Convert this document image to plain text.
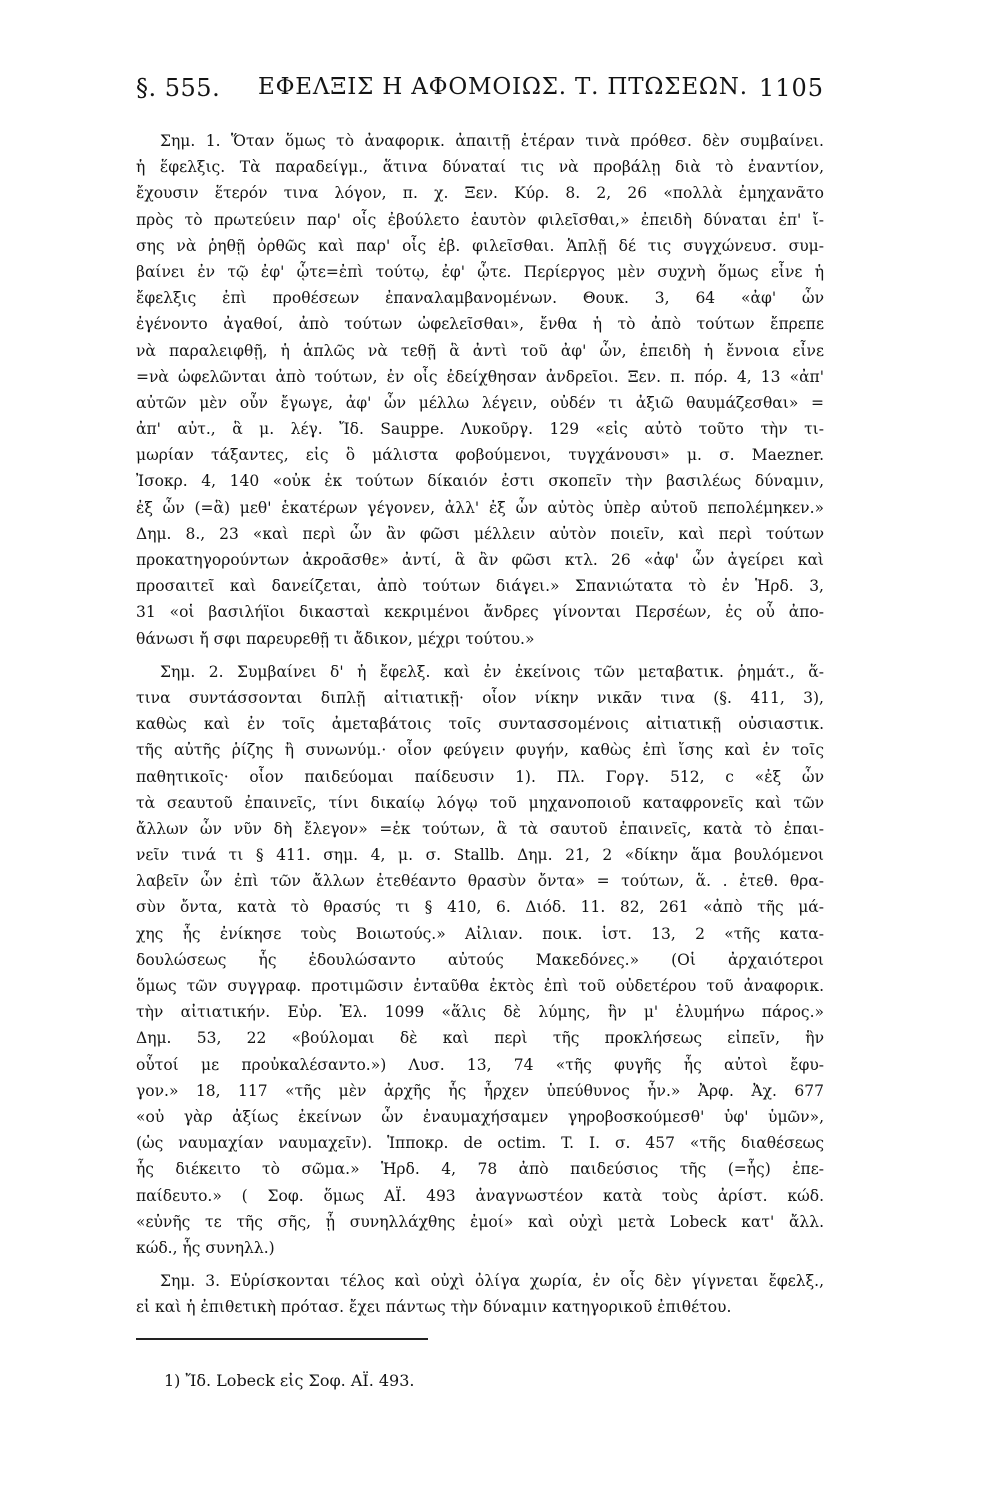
§. 555. ΕΦΕΛΞΙΣ Η ΑΦΟΜΟΙΩΣ. Τ. ΠΤΩΣΕΩΝ. 1105
Σημ. 1. Ὅταν ὅμως τὸ ἀναφορικ. ἀπαιτῇ ἑτέραν τινὰ πρόθεσ. δὲν συμβαίνει.
ἡ ἕφελξις. Τὰ παραδείγμ., ἅτινα δύναταί τις νὰ προβάλῃ διὰ τὸ ἐναντίον,
ἔχουσιν ἕτερόν τινα λόγον, π. χ. Ξεν. Κύρ. 8. 2, 26 «πολλὰ ἐμηχανᾶτο
πρὸς τὸ πρωτεύειν παρ' οἷς ἐβούλετο ἑαυτὸν φιλεῖσθαι,» ἐπειδὴ δύναται ἐπ' ἴ-
σης νὰ ῥηθῇ ὀρθῶς καὶ παρ' οἷς ἐβ. φιλεῖσθαι. Ἁπλῇ δέ τις συγχώνευσ. συμ-
βαίνει ἐν τῷ ἐφ' ᾧτε=ἐπὶ τούτῳ, ἐφ' ᾧτε. Περίεργος μὲν συχνὴ ὅμως εἶνε ἡ
ἔφελξις ἐπὶ προθέσεων ἐπαναλαμβανομένων. Θουκ. 3, 64 «ἀφ' ὧν
ἐγένοντο ἀγαθοί, ἀπὸ τούτων ὠφελεῖσθαι», ἔνθα ἡ τὸ ἀπὸ τούτων ἔπρεπε
νὰ παραλειφθῇ, ἡ ἁπλῶς νὰ τεθῇ ἃ ἀντὶ τοῦ ἀφ' ὧν, ἐπειδὴ ἡ ἔννοια εἶνε
=νὰ ὠφελῶνται ἀπὸ τούτων, ἐν οἷς ἐδείχθησαν ἀνδρεῖοι. Ξεν. π. πόρ. 4, 13 «ἀπ'
αὐτῶν μὲν οὖν ἔγωγε, ἀφ' ὧν μέλλω λέγειν, οὐδέν τι ἀξιῶ θαυμάζεσθαι» =
ἀπ' αὐτ., ἃ μ. λέγ. Ἴδ. Sauppe. Λυκοῦργ. 129 «εἰς αὐτὸ τοῦτο τὴν τι-
μωρίαν τάξαντες, εἰς ὃ μάλιστα φοβούμενοι, τυγχάνουσι» μ. σ. Maezner.
Ἰσοκρ. 4, 140 «οὐκ ἐκ τούτων δίκαιόν ἐστι σκοπεῖν τὴν βασιλέως δύναμιν,
ἐξ ὧν (=ἃ) μεθ' ἑκατέρων γέγονεν, ἀλλ' ἐξ ὧν αὐτὸς ὑπὲρ αὐτοῦ πεπολέμηκεν.»
Δημ. 8., 23 «καὶ περὶ ὧν ἂν φῶσι μέλλειν αὐτὸν ποιεῖν, καὶ περὶ τούτων
προκατηγορούντων ἀκροᾶσθε» ἀντί, ἃ ἂν φῶσι κτλ. 26 «ἀφ' ὧν ἀγείρει καὶ
προσαιτεῖ καὶ δανείζεται, ἀπὸ τούτων διάγει.» Σπανιώτατα τὸ ἐν Ἡρδ. 3,
31 «οἱ βασιλήϊοι δικασταὶ κεκριμένοι ἄνδρες γίνονται Περσέων, ἐς οὗ ἀπο-
θάνωσι ἤ σφι παρευρεθῇ τι ἄδικον, μέχρι τούτου.»
Σημ. 2. Συμβαίνει δ' ἡ ἔφελξ. καὶ ἐν ἐκείνοις τῶν μεταβατικ. ῥημάτ., ἅ-
τινα συντάσσονται διπλῇ αἰτιατικῇ· οἷον νίκην νικᾶν τινα (§. 411, 3),
καθὼς καὶ ἐν τοῖς ἀμεταβάτοις τοῖς συντασσομένοις αἰτιατικῇ οὐσιαστικ.
τῆς αὐτῆς ῥίζης ἢ συνωνύμ.· οἷον φεύγειν φυγήν, καθὼς ἐπὶ ἴσης καὶ ἐν τοῖς
παθητικοῖς· οἷον παιδεύομαι παίδευσιν 1). Πλ. Γοργ. 512, c «ἐξ ὧν
τὰ σεαυτοῦ ἐπαινεῖς, τίνι δικαίῳ λόγῳ τοῦ μηχανοποιοῦ καταφρονεῖς καὶ τῶν
ἄλλων ὧν νῦν δὴ ἔλεγον» =ἐκ τούτων, ἃ τὰ σαυτοῦ ἐπαινεῖς, κατὰ τὸ ἐπαι-
νεῖν τινά τι § 411. σημ. 4, μ. σ. Stallb. Δημ. 21, 2 «δίκην ἅμα βουλόμενοι
λαβεῖν ὧν ἐπὶ τῶν ἄλλων ἐτεθέαντο θρασὺν ὄντα» = τούτων, ἅ. . ἐτεθ. θρα-
σὺν ὄντα, κατὰ τὸ θρασύς τι § 410, 6. Διόδ. 11. 82, 261 «ἀπὸ τῆς μά-
χης ἧς ἐνίκησε τοὺς Βοιωτούς.» Αἰλιαν. ποικ. ἱστ. 13, 2 «τῆς κατα-
δουλώσεως ἧς ἐδουλώσαντο αὐτούς Μακεδόνες.» (Οἱ ἀρχαιότεροι
ὅμως τῶν συγγραφ. προτιμῶσιν ἐνταῦθα ἐκτὸς ἐπὶ τοῦ οὐδετέρου τοῦ ἀναφορικ.
τὴν αἰτιατικήν. Εὐρ. Ἑλ. 1099 «ἅλις δὲ λύμης, ἣν μ' ἐλυμήνω πάρος.»
Δημ. 53, 22 «βούλομαι δὲ καὶ περὶ τῆς προκλήσεως εἰπεῖν, ἣν
οὗτοί με προὐκαλέσαντο.») Λυσ. 13, 74 «τῆς φυγῆς ἧς αὐτοὶ ἔφυ-
γον.» 18, 117 «τῆς μὲν ἀρχῆς ἧς ἦρχεν ὑπεύθυνος ἦν.» Ἀρφ. Ἀχ. 677
«οὐ γὰρ ἀξίως ἐκείνων ὧν ἐναυμαχήσαμεν γηροβοσκούμεσθ' ὑφ' ὑμῶν»,
(ὡς ναυμαχίαν ναυμαχεῖν). Ἱπποκρ. de octim. T. I. σ. 457 «τῆς διαθέσεως
ἧς διέκειτο τὸ σῶμα.» Ἡρδ. 4, 78 ἀπὸ παιδεύσιος τῆς (=ἧς) ἐπε-
παίδευτο.» ( Σοφ. ὅμως ΑΪ. 493 ἀναγνωστέον κατὰ τοὺς ἀρίστ. κώδ.
«εὐνῆς τε τῆς σῆς, ᾗ συνηλλάχθης ἐμοί» καὶ οὐχὶ μετὰ Lobeck κατ' ἄλλ.
κώδ., ἧς συνηλλ.)
Σημ. 3. Εὑρίσκονται τέλος καὶ οὐχὶ ὀλίγα χωρία, ἐν οἷς δὲν γίγνεται ἔφελξ.,
εἰ καὶ ἡ ἐπιθετικὴ πρότασ. ἔχει πάντως τὴν δύναμιν κατηγορικοῦ ἐπιθέτου.
1) Ἴδ. Lobeck εἰς Σοφ. ΑΪ. 493.
